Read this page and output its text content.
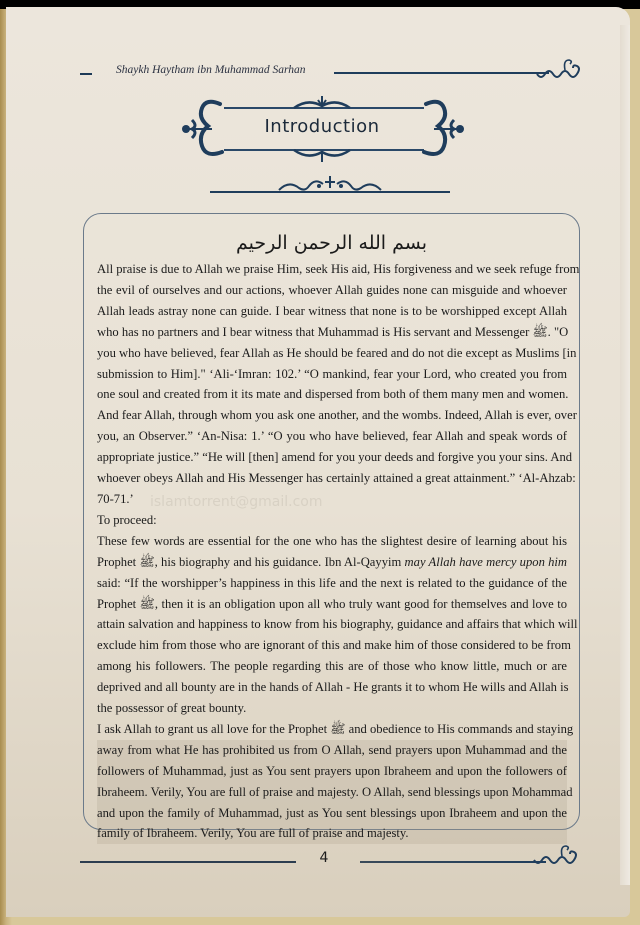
Shaykh Haytham ibn Muhammad Sarhan
Introduction
بسم الله الرحمن الرحيم
All praise is due to Allah we praise Him, seek His aid, His forgiveness and we seek refuge from
the evil of ourselves and our actions, whoever Allah guides none can misguide and whoever
Allah leads astray none can guide. I bear witness that none is to be worshipped except Allah
who has no partners and I bear witness that Muhammad is His servant and Messenger ﷺ. "O
you who have believed, fear Allah as He should be feared and do not die except as Muslims [in
submission to Him]." ‘Ali-‘Imran: 102.’ “O mankind, fear your Lord, who created you from
one soul and created from it its mate and dispersed from both of them many men and women.
And fear Allah, through whom you ask one another, and the wombs. Indeed, Allah is ever, over
you, an Observer.” ‘An-Nisa: 1.’ “O you who have believed, fear Allah and speak words of
appropriate justice.” “He will [then] amend for you your deeds and forgive you your sins. And
whoever obeys Allah and His Messenger has certainly attained a great attainment.” ‘Al-Ahzab:
70-71.’
To proceed:
These few words are essential for the one who has the slightest desire of learning about his
Prophet ﷺ, his biography and his guidance. Ibn Al-Qayyim may Allah have mercy upon him
said: “If the worshipper’s happiness in this life and the next is related to the guidance of the
Prophet ﷺ, then it is an obligation upon all who truly want good for themselves and love to
attain salvation and happiness to know from his biography, guidance and affairs that which will
exclude him from those who are ignorant of this and make him of those considered to be from
among his followers. The people regarding this are of those who know little, much or are
deprived and all bounty are in the hands of Allah - He grants it to whom He wills and Allah is
the possessor of great bounty.
I ask Allah to grant us all love for the Prophet ﷺ and obedience to His commands and staying
away from what He has prohibited us from O Allah, send prayers upon Muhammad and the
followers of Muhammad, just as You sent prayers upon Ibraheem and upon the followers of
Ibraheem. Verily, You are full of praise and majesty. O Allah, send blessings upon Mohammad
and upon the family of Muhammad, just as You sent blessings upon Ibraheem and upon the
family of Ibraheem. Verily, You are full of praise and majesty.
islamtorrent@gmail.com
4
